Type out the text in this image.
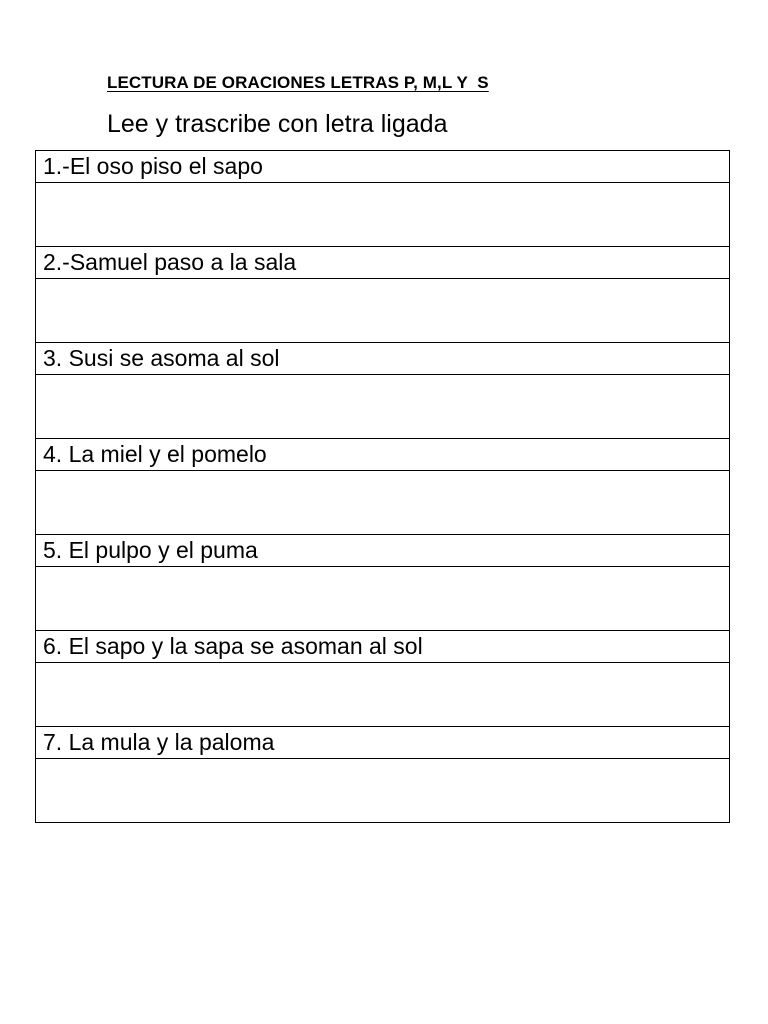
LECTURA DE ORACIONES LETRAS P, M,L Y  S
Lee y trascribe con letra ligada
1.-El oso piso el sapo

2.-Samuel paso a la sala

3. Susi se asoma al sol

4. La miel y el pomelo

5. El pulpo y el puma

6. El sapo y la sapa se asoman al sol

7. La mula y la paloma
